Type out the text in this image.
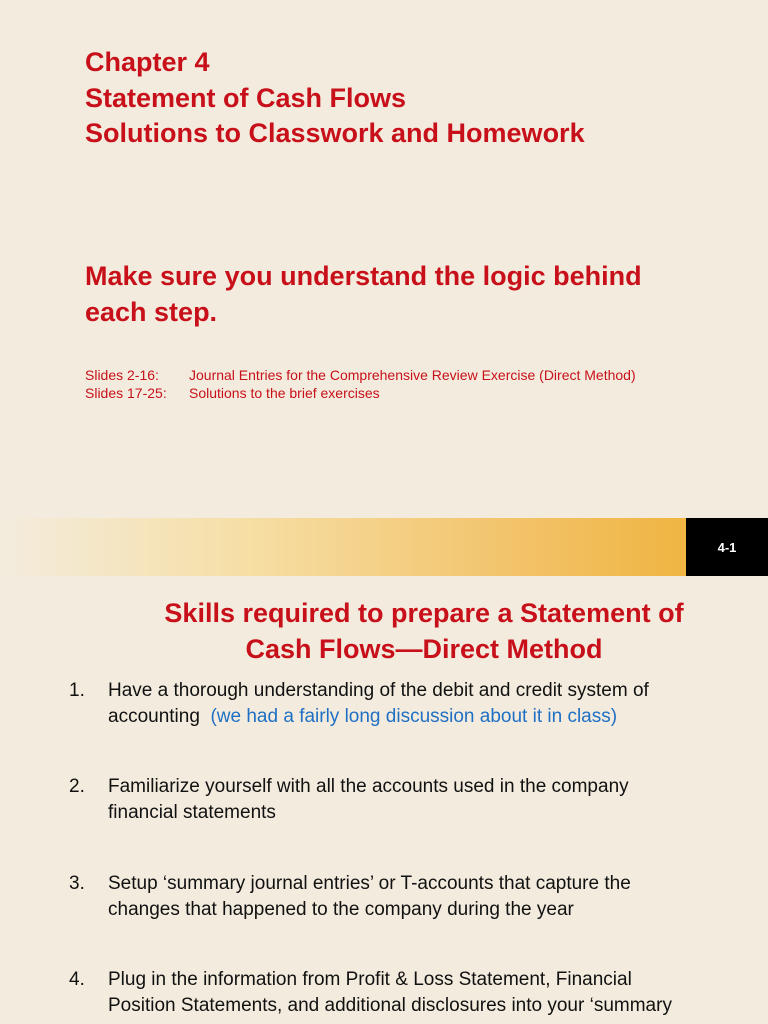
Chapter 4
Statement of Cash Flows
Solutions to Classwork and Homework
Make sure you understand the logic behind
each step.
Slides 2-16:	Journal Entries for the Comprehensive Review Exercise (Direct Method)
Slides 17-25:	Solutions to the brief exercises
4-1
Skills required to prepare a Statement of
Cash Flows—Direct Method
1. Have a thorough understanding of the debit and credit system of
accounting (we had a fairly long discussion about it in class)
2. Familiarize yourself with all the accounts used in the company
financial statements
3. Setup ‘summary journal entries’ or T-accounts that capture the
changes that happened to the company during the year
4. Plug in the information from Profit & Loss Statement, Financial
Position Statements, and additional disclosures into your ‘summary
